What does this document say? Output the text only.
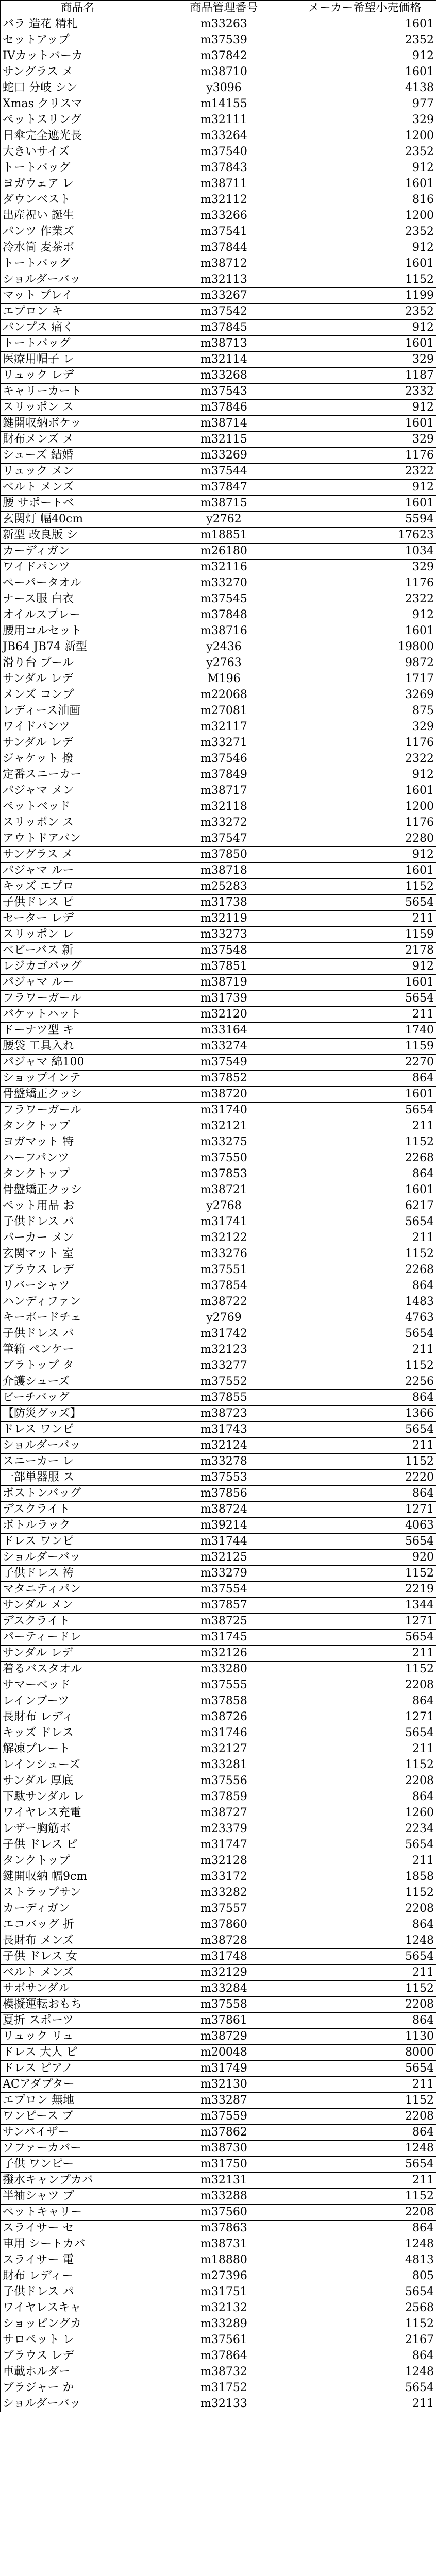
商品名	商品管理番号	メーカー希望小売価格
バラ 造花 精札	m33263	1601
セットアップ	m37539	2352
IVカットバーカ	m37842	912
サングラス メ	m38710	1601
蛇口 分岐 シン	y3096	4138
Xmas クリスマ	m14155	977
ペットスリング	m32111	329
日傘完全遮光長	m33264	1200
大きいサイズ	m37540	2352
トートバッグ	m37843	912
ヨガウェア レ	m38711	1601
ダウンベスト	m32112	816
出産祝い 誕生	m33266	1200
パンツ 作業ズ	m37541	2352
冷水筒 麦茶ボ	m37844	912
トートバッグ	m38712	1601
ショルダーバッ	m32113	1152
マット プレイ	m33267	1199
エプロン キ	m37542	2352
パンプス 痛く	m37845	912
トートバッグ	m38713	1601
医療用帽子 レ	m32114	329
リュック レデ	m33268	1187
キャリーカート	m37543	2332
スリッポン ス	m37846	912
鍵開収納ボケッ	m38714	1601
財布メンズ メ	m32115	329
シューズ 結婚	m33269	1176
リュック メン	m37544	2322
ベルト メンズ	m37847	912
腰 サポートベ	m38715	1601
玄関灯 幅40cm	y2762	5594
新型 改良版 シ	m18851	17623
カーディガン	m26180	1034
ワイドパンツ	m32116	329
ペーパータオル	m33270	1176
ナース服 白衣	m37545	2322
オイルスプレー	m37848	912
腰用コルセット	m38716	1601
JB64 JB74 新型	y2436	19800
滑り台 ブール	y2763	9872
サンダル レデ	M196	1717
メンズ コンプ	m22068	3269
レディース油画	m27081	875
ワイドパンツ	m32117	329
サンダル レデ	m33271	1176
ジャケット 撥	m37546	2322
定番スニーカー	m37849	912
パジャマ メン	m38717	1601
ペットベッド	m32118	1200
スリッポン ス	m33272	1176
アウトドアパン	m37547	2280
サングラス メ	m37850	912
パジャマ ルー	m38718	1601
キッズ エプロ	m25283	1152
子供ドレス ピ	m31738	5654
セーター レデ	m32119	211
スリッポン レ	m33273	1159
ベビーバス 新	m37548	2178
レジカゴバッグ	m37851	912
パジャマ ルー	m38719	1601
フラワーガール	m31739	5654
バケットハット	m32120	211
ドーナツ型 キ	m33164	1740
腰袋 工具入れ	m33274	1159
パジャマ 綿100	m37549	2270
ショップインテ	m37852	864
骨盤矯正クッシ	m38720	1601
フラワーガール	m31740	5654
タンクトップ	m32121	211
ヨガマット 特	m33275	1152
ハーフパンツ	m37550	2268
タンクトップ	m37853	864
骨盤矯正クッシ	m38721	1601
ペット用品 お	y2768	6217
子供ドレス パ	m31741	5654
パーカー メン	m32122	211
玄関マット 室	m33276	1152
ブラウス レデ	m37551	2268
リバーシャツ	m37854	864
ハンディファン	m38722	1483
キーボードチェ	y2769	4763
子供ドレス パ	m31742	5654
筆箱 ペンケー	m32123	211
ブラトップ タ	m33277	1152
介護シューズ	m37552	2256
ビーチバッグ	m37855	864
【防災グッズ】	m38723	1366
ドレス ワンピ	m31743	5654
ショルダーバッ	m32124	211
スニーカー レ	m33278	1152
一部単器服 ス	m37553	2220
ボストンバッグ	m37856	864
デスクライト	m38724	1271
ボトルラック	m39214	4063
ドレス ワンピ	m31744	5654
ショルダーバッ	m32125	920
子供ドレス 袴	m33279	1152
マタニティパン	m37554	2219
サンダル メン	m37857	1344
デスクライト	m38725	1271
パーティードレ	m31745	5654
サンダル レデ	m32126	211
着るバスタオル	m33280	1152
サマーベッド	m37555	2208
レインブーツ	m37858	864
長財布 レディ	m38726	1271
キッズ ドレス	m31746	5654
解凍プレート	m32127	211
レインシューズ	m33281	1152
サンダル 厚底	m37556	2208
下駄サンダル レ	m37859	864
ワイヤレス充電	m38727	1260
レザー胸筋ボ	m23379	2234
子供 ドレス ピ	m31747	5654
タンクトップ	m32128	211
鍵開収納 幅9cm	m33172	1858
ストラップサン	m33282	1152
カーディガン	m37557	2208
エコバッグ 折	m37860	864
長財布 メンズ	m38728	1248
子供 ドレス 女	m31748	5654
ベルト メンズ	m32129	211
サボサンダル	m33284	1152
模擬運転おもち	m37558	2208
夏折 スポーツ	m37861	864
リュック リュ	m38729	1130
ドレス 大人 ピ	m20048	8000
ドレス ピアノ	m31749	5654
ACアダプター	m32130	211
エプロン 無地	m33287	1152
ワンピース ブ	m37559	2208
サンバイザー	m37862	864
ソファーカバー	m38730	1248
子供 ワンピー	m31750	5654
撥水キャンプカバ	m32131	211
半袖シャツ プ	m33288	1152
ペットキャリー	m37560	2208
スライサー セ	m37863	864
車用 シートカバ	m38731	1248
スライサー 電	m18880	4813
財布 レディー	m27396	805
子供ドレス パ	m31751	5654
ワイヤレスキャ	m32132	2568
ショッピングカ	m33289	1152
サロペット レ	m37561	2167
ブラウス レデ	m37864	864
車載ホルダー	m38732	1248
ブラジャー か	m31752	5654
ショルダーバッ	m32133	211
